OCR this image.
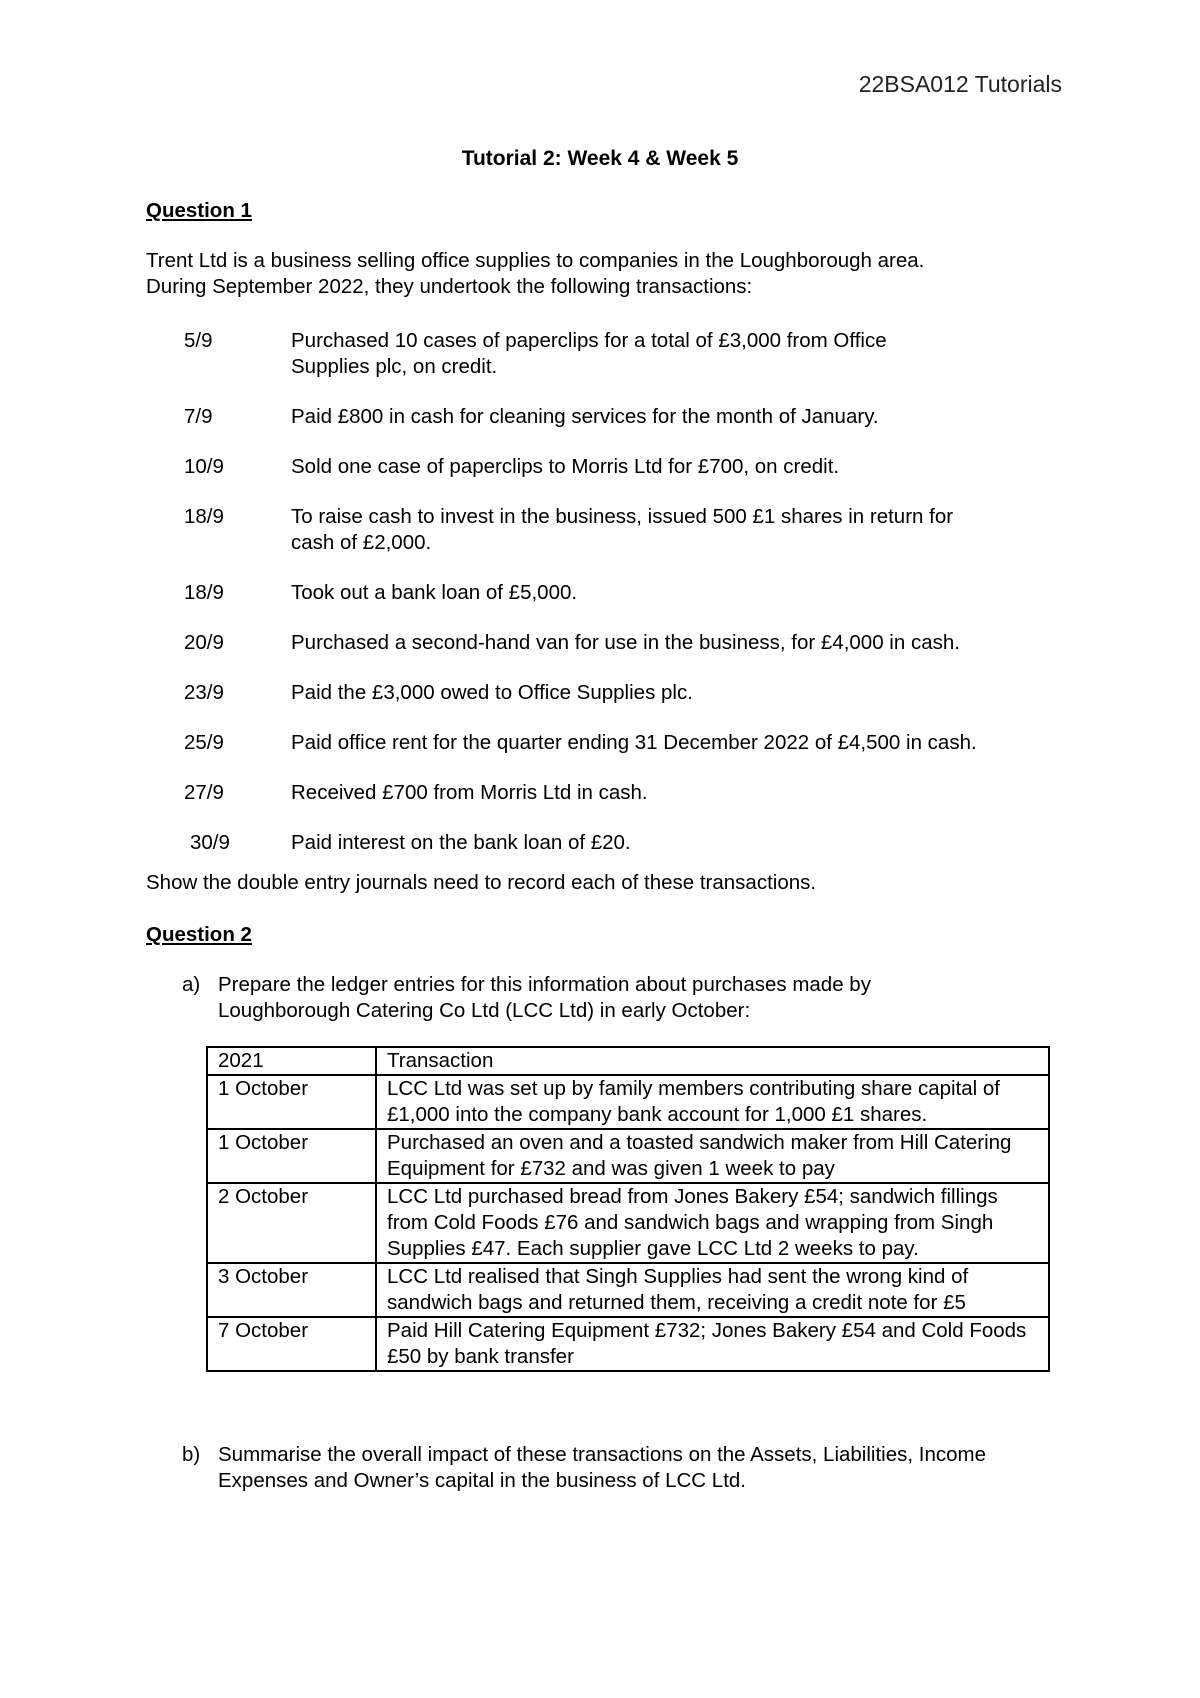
22BSA012 Tutorials
Tutorial 2: Week 4 & Week 5
Question 1

Trent Ltd is a business selling office supplies to companies in the Loughborough area.

During September 2022, they undertook the following transactions:

5/9	Purchased 10 cases of paperclips for a total of £3,000 from Office
Supplies plc, on credit.
7/9	Paid £800 in cash for cleaning services for the month of January.
10/9	Sold one case of paperclips to Morris Ltd for £700, on credit.
18/9	To raise cash to invest in the business, issued 500 £1 shares in return for
cash of £2,000.
18/9	Took out a bank loan of £5,000.
20/9	Purchased a second-hand van for use in the business, for £4,000 in cash.
23/9	Paid the £3,000 owed to Office Supplies plc.
25/9	Paid office rent for the quarter ending 31 December 2022 of £4,500 in cash.
27/9	Received £700 from Morris Ltd in cash.
30/9	Paid interest on the bank loan of £20.
Show the double entry journals need to record each of these transactions.
Question 2
a) Prepare the ledger entries for this information about purchases made by
Loughborough Catering Co Ltd (LCC Ltd) in early October:
2021	Transaction
1 October	LCC Ltd was set up by family members contributing share capital of £1,000 into the company bank account for 1,000 £1 shares.
1 October	Purchased an oven and a toasted sandwich maker from Hill Catering Equipment for £732 and was given 1 week to pay
2 October	LCC Ltd purchased bread from Jones Bakery £54; sandwich fillings from Cold Foods £76 and sandwich bags and wrapping from Singh Supplies £47. Each supplier gave LCC Ltd 2 weeks to pay.
3 October	LCC Ltd realised that Singh Supplies had sent the wrong kind of sandwich bags and returned them, receiving a credit note for £5
7 October	Paid Hill Catering Equipment £732; Jones Bakery £54 and Cold Foods £50 by bank transfer
b) Summarise the overall impact of these transactions on the Assets, Liabilities, Income
Expenses and Owner’s capital in the business of LCC Ltd.
